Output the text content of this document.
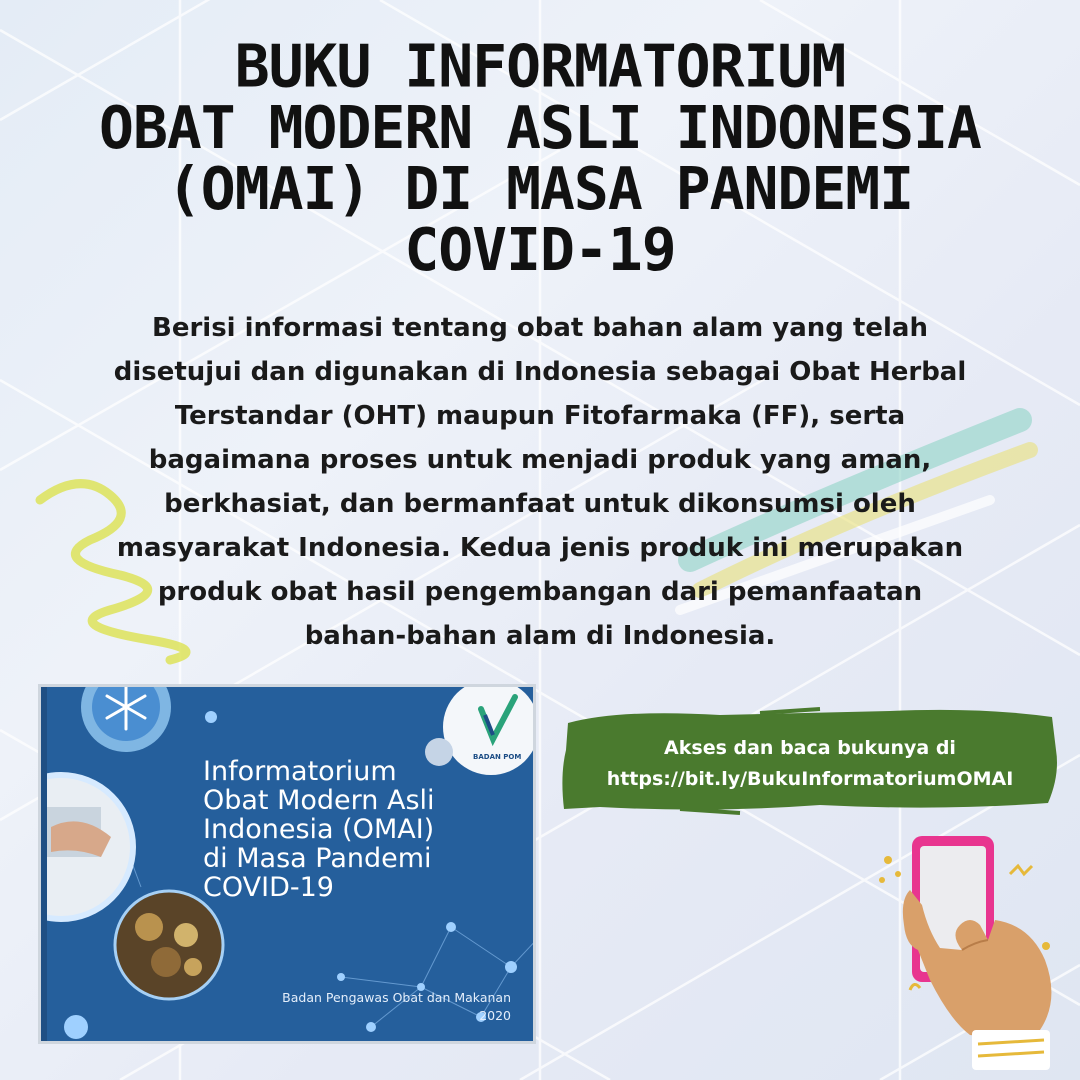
BUKU INFORMATORIUM
OBAT MODERN ASLI INDONESIA
(OMAI) DI MASA PANDEMI
COVID-19
Berisi informasi tentang obat bahan alam yang telah
disetujui dan digunakan di Indonesia sebagai Obat Herbal
Terstandar (OHT) maupun Fitofarmaka (FF), serta
bagaimana proses untuk menjadi produk yang aman,
berkhasiat, dan bermanfaat untuk dikonsumsi oleh
masyarakat Indonesia. Kedua jenis produk ini merupakan
produk obat hasil pengembangan dari pemanfaatan
bahan-bahan alam di Indonesia.
BADAN POM
Informatorium
Obat Modern Asli
Indonesia (OMAI)
di Masa Pandemi
COVID-19
Badan Pengawas Obat dan Makanan
2020
Akses dan baca bukunya di
https://bit.ly/BukuInformatoriumOMAI
